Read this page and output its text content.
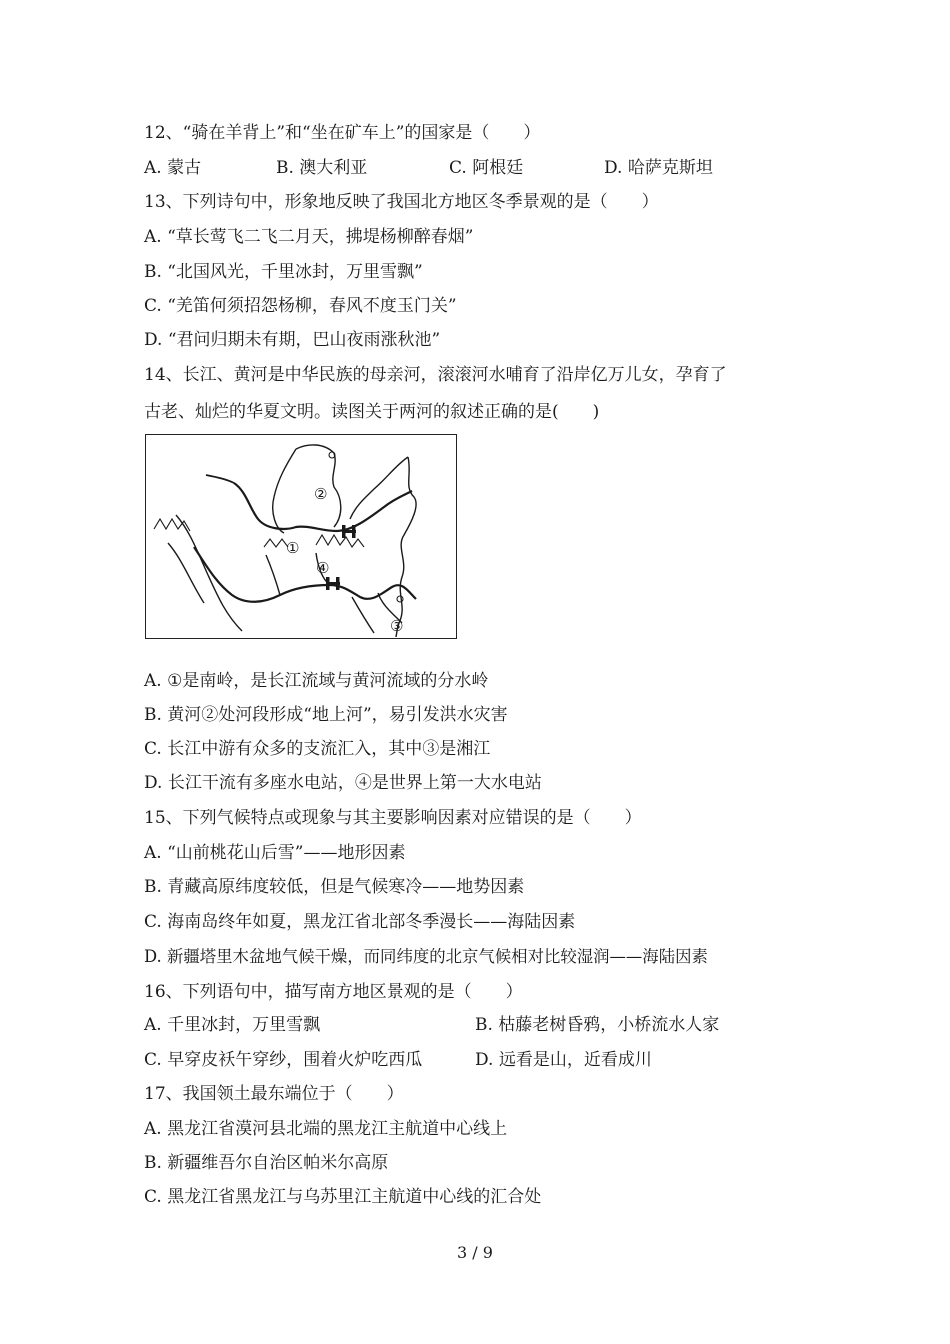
12、“骑在羊背上”和“坐在矿车上”的国家是（　　）
A. 蒙古	B. 澳大利亚	C. 阿根廷	D. 哈萨克斯坦
13、下列诗句中，形象地反映了我国北方地区冬季景观的是（　　）
A. “草长莺飞二飞二月天，拂堤杨柳醉春烟”
B. “北国风光，千里冰封，万里雪飘”
C. “羌笛何须招怨杨柳，春风不度玉门关”
D. “君问归期未有期，巴山夜雨涨秋池”
14、长江、黄河是中华民族的母亲河，滚滚河水哺育了沿岸亿万儿女，孕育了
古老、灿烂的华夏文明。读图关于两河的叙述正确的是(　　)
①
②
③
④
A. ①是南岭，是长江流域与黄河流域的分水岭
B. 黄河②处河段形成“地上河”，易引发洪水灾害
C. 长江中游有众多的支流汇入，其中③是湘江
D. 长江干流有多座水电站，④是世界上第一大水电站
15、下列气候特点或现象与其主要影响因素对应错误的是（　　）
A. “山前桃花山后雪”——地形因素
B. 青藏高原纬度较低，但是气候寒冷——地势因素
C. 海南岛终年如夏，黑龙江省北部冬季漫长——海陆因素
D. 新疆塔里木盆地气候干燥，而同纬度的北京气候相对比较湿润——海陆因素
16、下列语句中，描写南方地区景观的是（　　）
A. 千里冰封，万里雪飘	B. 枯藤老树昏鸦，小桥流水人家
C. 早穿皮袄午穿纱，围着火炉吃西瓜	D. 远看是山，近看成川
17、我国领土最东端位于（　　）
A. 黑龙江省漠河县北端的黑龙江主航道中心线上
B. 新疆维吾尔自治区帕米尔高原
C. 黑龙江省黑龙江与乌苏里江主航道中心线的汇合处
3 / 9
